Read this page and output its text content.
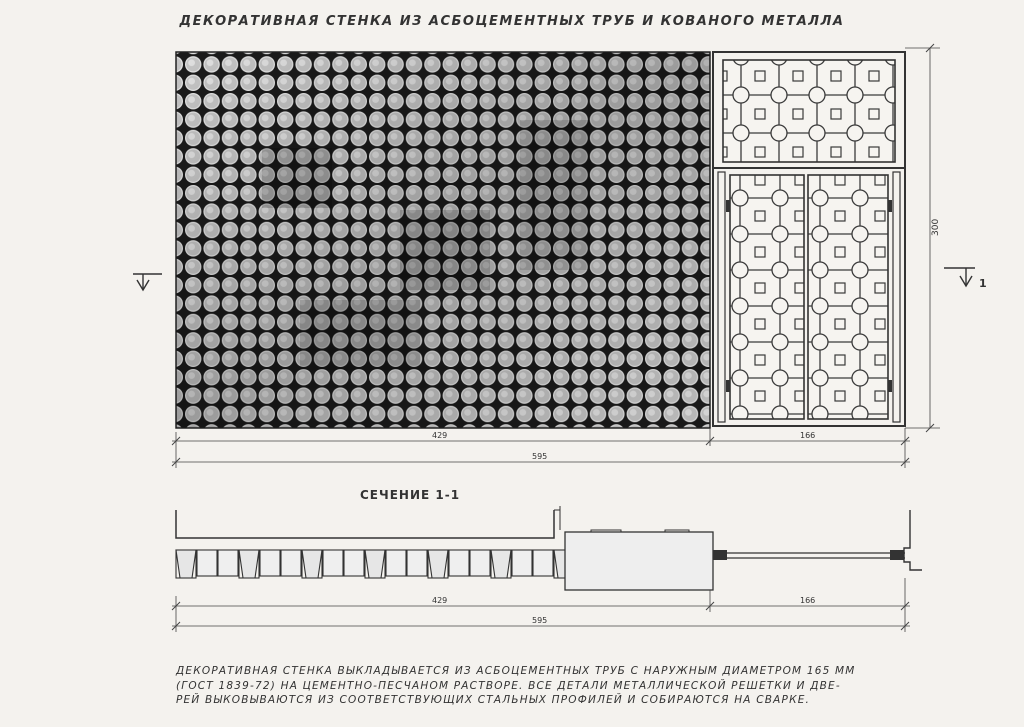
ДЕКОРАТИВНАЯ СТЕНКА ИЗ АСБОЦЕМЕНТНЫХ ТРУБ И КОВАНОГО МЕТАЛЛА
300
1
429	166
595
429	166
595
СЕЧЕНИЕ 1-1

ДЕКОРАТИВНАЯ СТЕНКА ВЫКЛАДЫВАЕТСЯ ИЗ АСБОЦЕМЕНТНЫХ ТРУБ С НАРУЖНЫМ ДИАМЕТРОМ 165 ММ
(ГОСТ 1839-72) НА ЦЕМЕНТНО-ПЕСЧАНОМ РАСТВОРЕ. ВСЕ ДЕТАЛИ МЕТАЛЛИЧЕСКОЙ РЕШЕТКИ И ДВЕ-
РЕЙ ВЫКОВЫВАЮТСЯ ИЗ СООТВЕТСТВУЮЩИХ СТАЛЬНЫХ ПРОФИЛЕЙ И СОБИРАЮТСЯ НА СВАРКЕ.
